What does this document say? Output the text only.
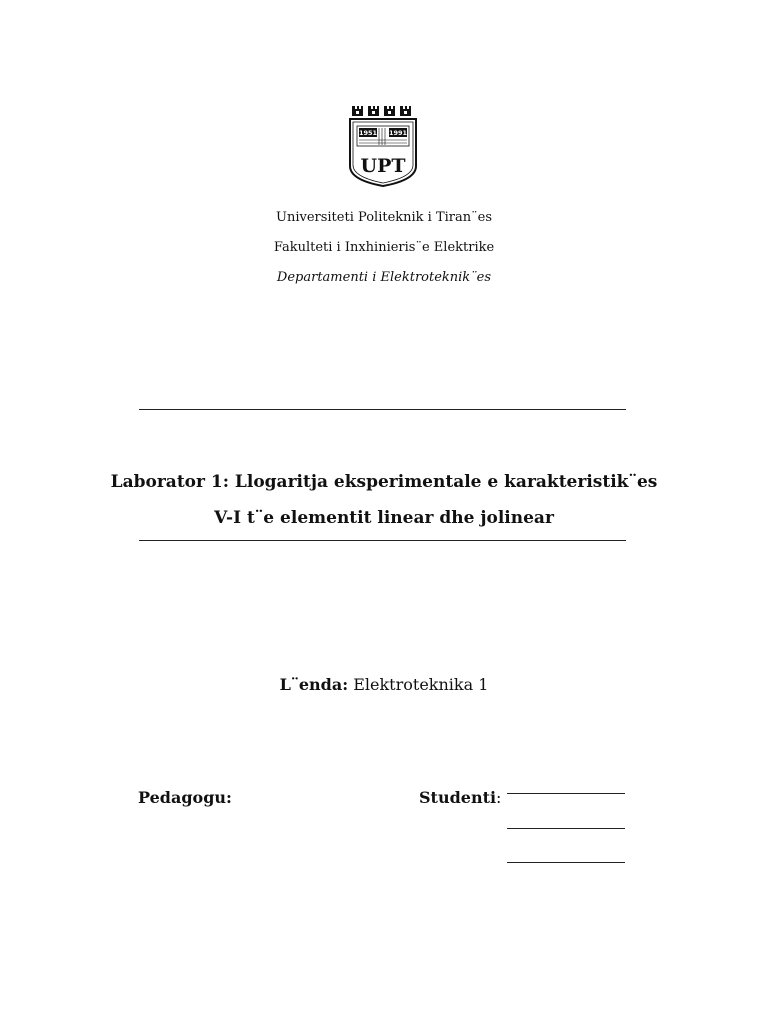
1951 1991
UPT
Universiteti Politeknik i Tiran¨es
Fakulteti i Inxhinieris¨e Elektrike
Departamenti i Elektroteknik¨es
Laborator 1: Llogaritja eksperimentale e karakteristik¨es
V-I t¨e elementit linear dhe jolinear
L¨enda: Elektroteknika 1
Pedagogu:	Studenti:
